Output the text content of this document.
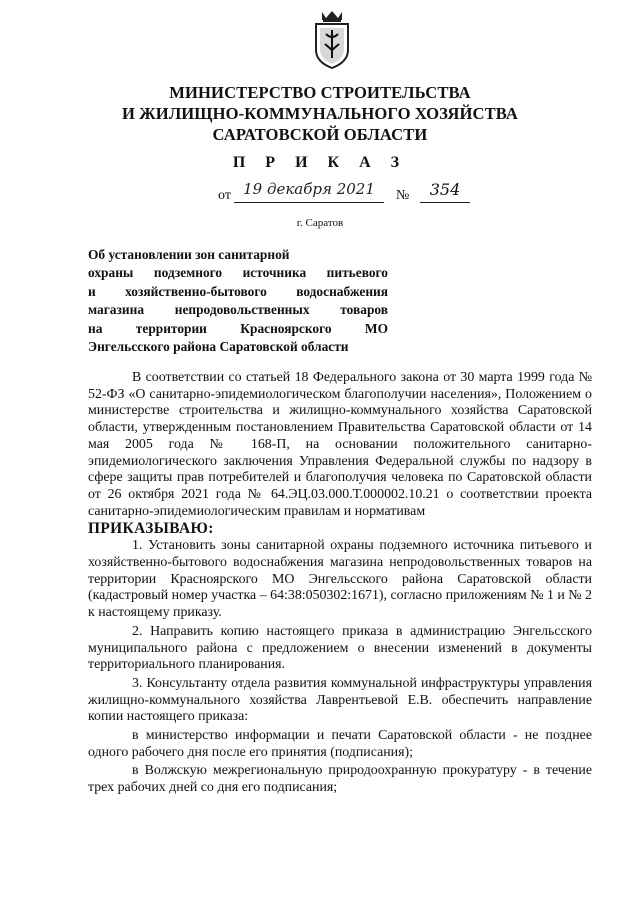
МИНИСТЕРСТВО СТРОИТЕЛЬСТВА
И ЖИЛИЩНО-КОММУНАЛЬНОГО ХОЗЯЙСТВА
САРАТОВСКОЙ ОБЛАСТИ
П Р И К А З
от 19 декабря 2021	№	354
г. Саратов
Об установлении зон санитарной
охраны подземного источника питьевого
и хозяйственно-бытового водоснабжения
магазина непродовольственных товаров
на территории Красноярского МО
Энгельсского района Саратовской области

В соответствии со статьей 18 Федерального закона от 30 марта 1999 года № 52-ФЗ «О санитарно-эпидемиологическом благополучии населения», Положением о министерстве строительства и жилищно-коммунального хозяйства Саратовской области, утвержденным постановлением Правительства Саратовской области от 14 мая 2005 года № 168-П, на основании положительного санитарно-эпидемиологического заключения Управления Федеральной службы по надзору в сфере защиты прав потребителей и благополучия человека по Саратовской области от 26 октября 2021 года № 64.ЭЦ.03.000.Т.000002.10.21 о соответствии проекта санитарно-эпидемиологическим правилам и нормативам

ПРИКАЗЫВАЮ:

1. Установить зоны санитарной охраны подземного источника питьевого и хозяйственно-бытового водоснабжения магазина непродовольственных товаров на территории Красноярского МО Энгельсского района Саратовской области (кадастровый номер участка – 64:38:050302:1671), согласно приложениям № 1 и № 2 к настоящему приказу.

2. Направить копию настоящего приказа в администрацию Энгельсского муниципального района с предложением о внесении изменений в документы территориального планирования.

3. Консультанту отдела развития коммунальной инфраструктуры управления жилищно-коммунального хозяйства Лаврентьевой Е.В. обеспечить направление копии настоящего приказа:

в министерство информации и печати Саратовской области - не позднее одного рабочего дня после его принятия (подписания);

в Волжскую межрегиональную природоохранную прокуратуру - в течение трех рабочих дней со дня его подписания;
